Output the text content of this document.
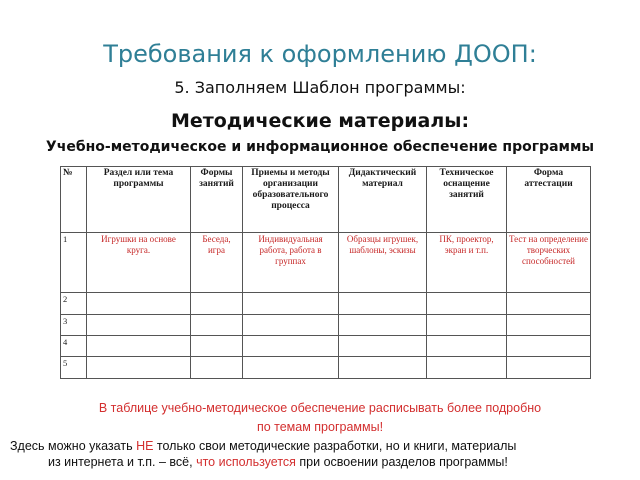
Требования к оформлению ДООП:
5. Заполняем Шаблон программы:
Методические материалы:
Учебно-методическое и информационное обеспечение программы
№	Раздел или тема программы	Формы занятий	Приемы и методы организации образовательного процесса	Дидактический материал	Техническое оснащение занятий	Форма аттестации
1	Игрушки на основе круга.	Беседа, игра	Индивидуальная работа, работа в группах	Образцы игрушек, шаблоны, эскизы	ПК, проектор, экран и т.п.	Тест на определение творческих способностей
2						
3						
4						
5						
В таблице учебно-методическое обеспечение расписывать более подробно
по темам программы!
Здесь можно указать НЕ только свои методические разработки, но и книги, материалы
из интернета и т.п. – всё, что используется при освоении разделов программы!
